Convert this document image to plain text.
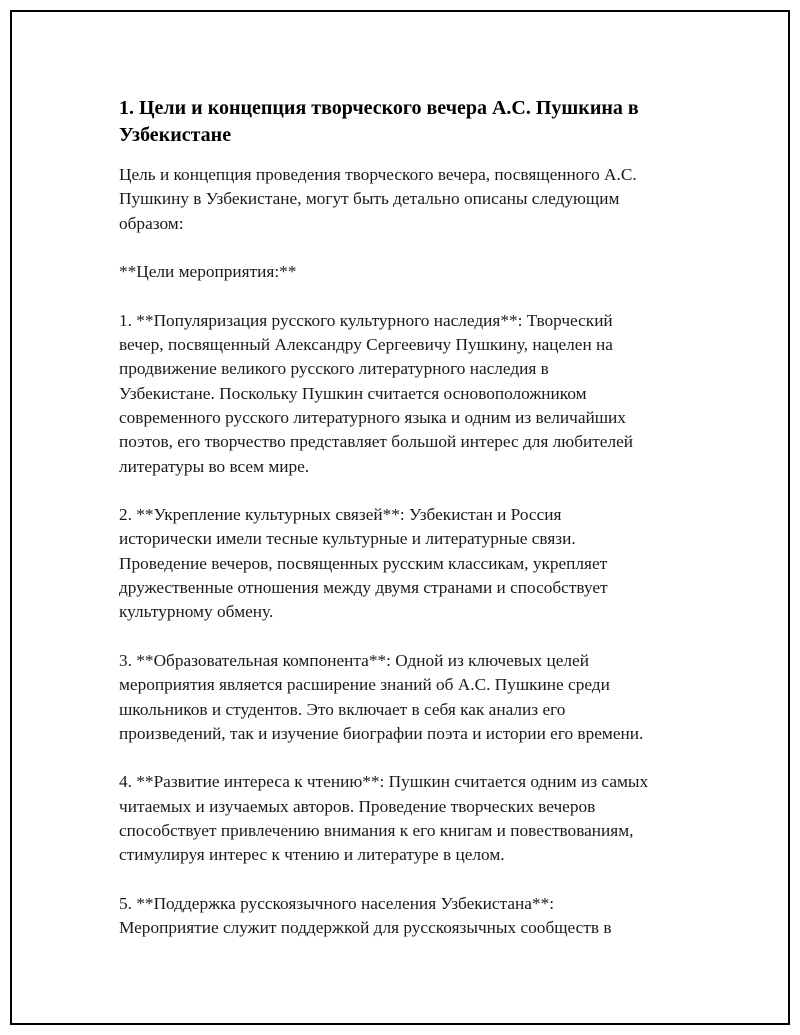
1. Цели и концепция творческого вечера А.С. Пушкина в
Узбекистане

Цель и концепция проведения творческого вечера, посвященного А.С.
Пушкину в Узбекистане, могут быть детально описаны следующим
образом:

**Цели мероприятия:**

1. **Популяризация русского культурного наследия**: Творческий
вечер, посвященный Александру Сергеевичу Пушкину, нацелен на
продвижение великого русского литературного наследия в
Узбекистане. Поскольку Пушкин считается основоположником
современного русского литературного языка и одним из величайших
поэтов, его творчество представляет большой интерес для любителей
литературы во всем мире.

2. **Укрепление культурных связей**: Узбекистан и Россия
исторически имели тесные культурные и литературные связи.
Проведение вечеров, посвященных русским классикам, укрепляет
дружественные отношения между двумя странами и способствует
культурному обмену.

3. **Образовательная компонента**: Одной из ключевых целей
мероприятия является расширение знаний об А.С. Пушкине среди
школьников и студентов. Это включает в себя как анализ его
произведений, так и изучение биографии поэта и истории его времени.

4. **Развитие интереса к чтению**: Пушкин считается одним из самых
читаемых и изучаемых авторов. Проведение творческих вечеров
способствует привлечению внимания к его книгам и повествованиям,
стимулируя интерес к чтению и литературе в целом.

5. **Поддержка русскоязычного населения Узбекистана**:
Мероприятие служит поддержкой для русскоязычных сообществ в
